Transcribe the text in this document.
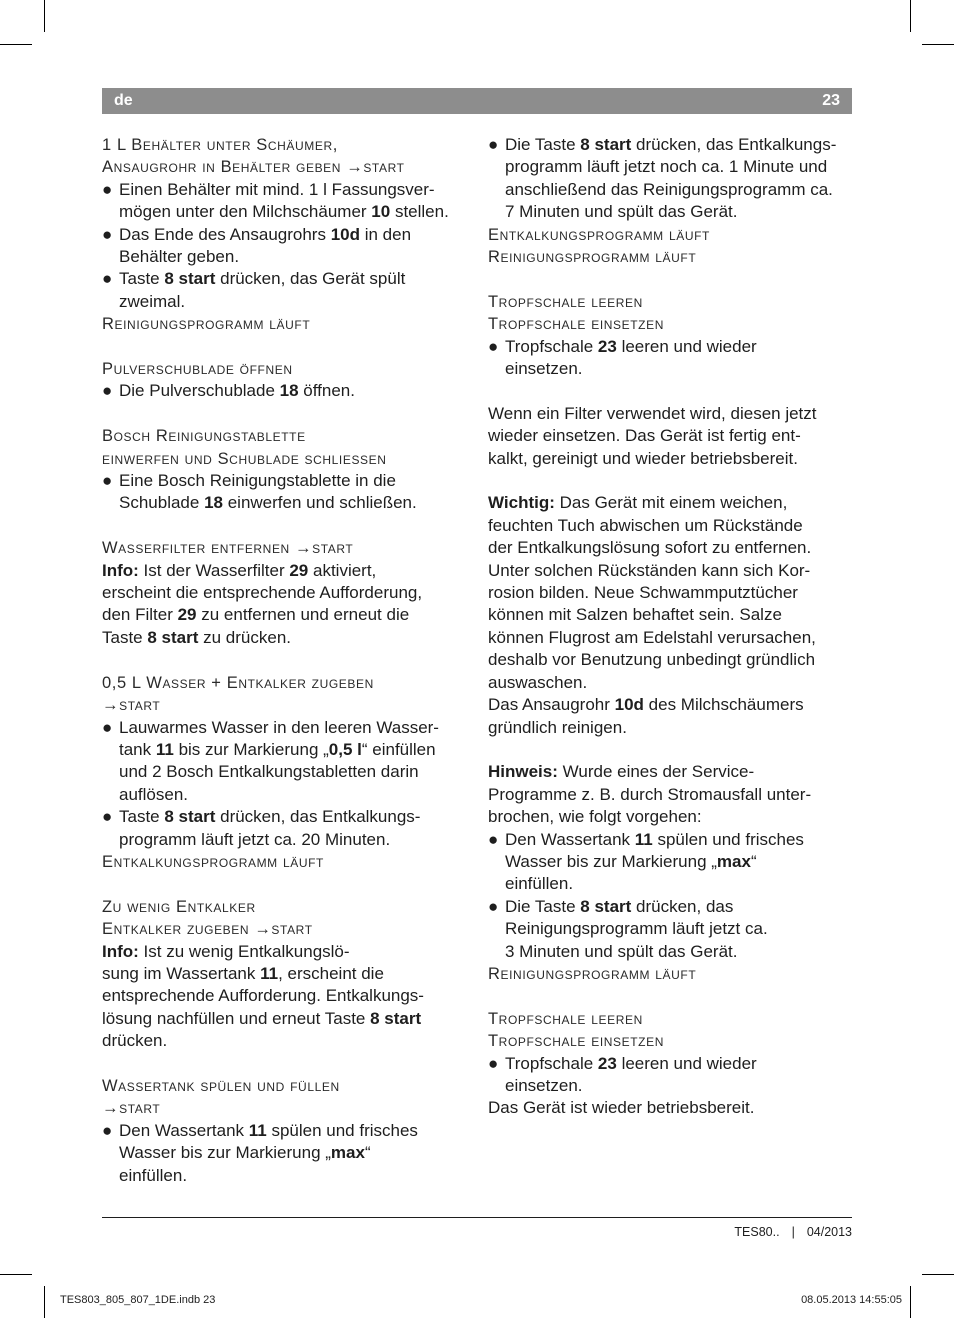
de	23
1 L Behälter unter Schäumer,
Ansaugrohr in Behälter geben →start
● Einen Behälter mit mind. 1 l Fassungsver-
mögen unter den Milchschäumer 10 stellen.
● Das Ende des Ansaugrohrs 10d in den
Behälter geben.
● Taste 8 start drücken, das Gerät spült
zweimal.
Reinigungsprogramm läuft
Pulverschublade öffnen
● Die Pulverschublade 18 öffnen.
Bosch Reinigungstablette
einwerfen und Schublade schliessen
● Eine Bosch Reinigungstablette in die
Schublade 18 einwerfen und schließen.
Wasserfilter entfernen →start
Info: Ist der Wasserfilter 29 aktiviert,
erscheint die entsprechende Aufforderung,
den Filter 29 zu entfernen und erneut die
Taste 8 start zu drücken.
0,5 L Wasser + Entkalker zugeben
→start
● Lauwarmes Wasser in den leeren Wasser-
tank 11 bis zur Markierung „0,5 l“ einfüllen
und 2 Bosch Entkalkungstabletten darin
auflösen.
● Taste 8 start drücken, das Entkalkungs-
programm läuft jetzt ca. 20 Minuten.
Entkalkungsprogramm läuft
Zu wenig Entkalker
Entkalker zugeben →start
Info: Ist zu wenig Entkalkungslö-
sung im Wassertank 11, erscheint die
entsprechende Aufforderung. Entkalkungs-
lösung nachfüllen und erneut Taste 8 start
drücken.
Wassertank spülen und füllen
→start
● Den Wassertank 11 spülen und frisches
Wasser bis zur Markierung „max“
einfüllen.
● Die Taste 8 start drücken, das Entkalkungs-
programm läuft jetzt noch ca. 1 Minute und
anschließend das Reinigungsprogramm ca.
7 Minuten und spült das Gerät.
Entkalkungsprogramm läuft
Reinigungsprogramm läuft
Tropfschale leeren
Tropfschale einsetzen
● Tropfschale 23 leeren und wieder
einsetzen.
Wenn ein Filter verwendet wird, diesen jetzt
wieder einsetzen. Das Gerät ist fertig ent-
kalkt, gereinigt und wieder betriebsbereit.
Wichtig: Das Gerät mit einem weichen,
feuchten Tuch abwischen um Rückstände
der Entkalkungslösung sofort zu entfernen.
Unter solchen Rückständen kann sich Kor-
rosion bilden. Neue Schwammputztücher
können mit Salzen behaftet sein. Salze
können Flugrost am Edelstahl verursachen,
deshalb vor Benutzung unbedingt gründlich
auswaschen.
Das Ansaugrohr 10d des Milchschäumers
gründlich reinigen.
Hinweis: Wurde eines der Service-
Programme z. B. durch Stromausfall unter-
brochen, wie folgt vorgehen:
● Den Wassertank 11 spülen und frisches
Wasser bis zur Markierung „max“
einfüllen.
● Die Taste 8 start drücken, das
Reinigungsprogramm läuft jetzt ca.
3 Minuten und spült das Gerät.
Reinigungsprogramm läuft
Tropfschale leeren
Tropfschale einsetzen
● Tropfschale 23 leeren und wieder
einsetzen.
Das Gerät ist wieder betriebsbereit.
TES80.. | 04/2013
TES803_805_807_1DE.indb 23	08.05.2013 14:55:05
